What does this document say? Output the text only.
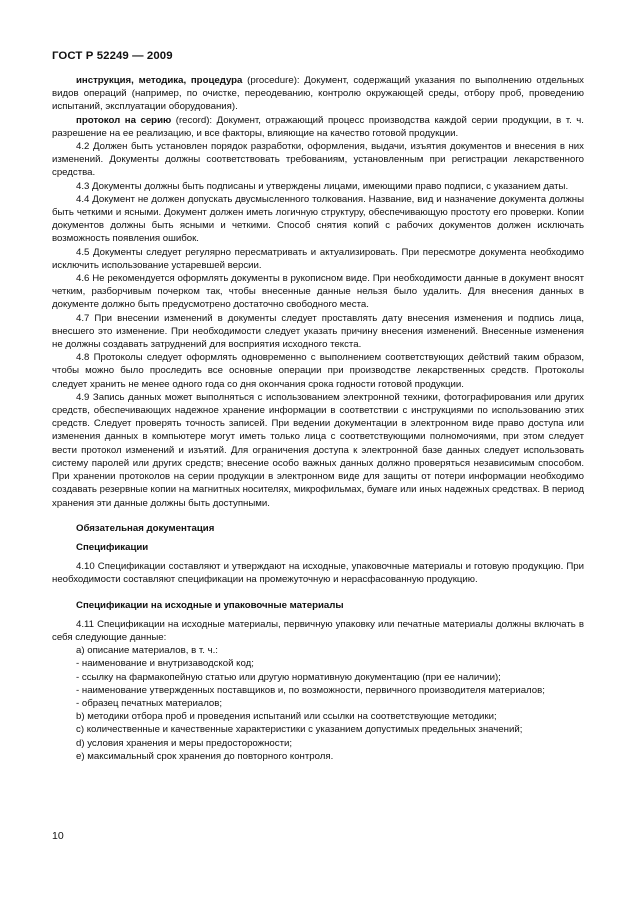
ГОСТ Р 52249 — 2009

инструкция, методика, процедура (procedure): Документ, содержащий указания по выполнению отдельных видов операций (например, по очистке, переодеванию, контролю окружающей среды, отбору проб, проведению испытаний, эксплуатации оборудования).

протокол на серию (record): Документ, отражающий процесс производства каждой серии продукции, в т. ч. разрешение на ее реализацию, и все факторы, влияющие на качество готовой продукции.

4.2 Должен быть установлен порядок разработки, оформления, выдачи, изъятия документов и внесения в них изменений. Документы должны соответствовать требованиям, установленным при регистрации лекарственного средства.

4.3 Документы должны быть подписаны и утверждены лицами, имеющими право подписи, с указанием даты.

4.4 Документ не должен допускать двусмысленного толкования. Название, вид и назначение документа должны быть четкими и ясными. Документ должен иметь логичную структуру, обеспечивающую простоту его проверки. Копии документов должны быть ясными и четкими. Способ снятия копий с рабочих документов должен исключать возможность появления ошибок.

4.5 Документы следует регулярно пересматривать и актуализировать. При пересмотре документа необходимо исключить использование устаревшей версии.

4.6 Не рекомендуется оформлять документы в рукописном виде. При необходимости данные в документ вносят четким, разборчивым почерком так, чтобы внесенные данные нельзя было удалить. Для внесения данных в документе должно быть предусмотрено достаточно свободного места.

4.7 При внесении изменений в документы следует проставлять дату внесения изменения и подпись лица, внесшего это изменение. При необходимости следует указать причину внесения изменений. Внесенные изменения не должны создавать затруднений для восприятия исходного текста.

4.8 Протоколы следует оформлять одновременно с выполнением соответствующих действий таким образом, чтобы можно было проследить все основные операции при производстве лекарственных средств. Протоколы следует хранить не менее одного года со дня окончания срока годности готовой продукции.

4.9 Запись данных может выполняться с использованием электронной техники, фотографирования или других средств, обеспечивающих надежное хранение информации в соответствии с инструкциями по использованию этих средств. Следует проверять точность записей. При ведении документации в электронном виде право доступа или изменения данных в компьютере могут иметь только лица с соответствующими полномочиями, при этом следует вести протокол изменений и изъятий. Для ограничения доступа к электронной базе данных следует использовать систему паролей или других средств; внесение особо важных данных должно проверяться независимым способом. При хранении протоколов на серии продукции в электронном виде для защиты от потери информации необходимо создавать резервные копии на магнитных носителях, микрофильмах, бумаге или иных надежных средствах. В период хранения эти данные должны быть доступными.

Обязательная документация

Спецификации

4.10 Спецификации составляют и утверждают на исходные, упаковочные материалы и готовую продукцию. При необходимости составляют спецификации на промежуточную и нерасфасованную продукцию.

Спецификации на исходные и упаковочные материалы

4.11 Спецификации на исходные материалы, первичную упаковку или печатные материалы должны включать в себя следующие данные:

а) описание материалов, в т. ч.:

- наименование и внутризаводской код;

- ссылку на фармакопейную статью или другую нормативную документацию (при ее наличии);

- наименование утвержденных поставщиков и, по возможности, первичного производителя материалов;

- образец печатных материалов;

b) методики отбора проб и проведения испытаний или ссылки на соответствующие методики;

c) количественные и качественные характеристики с указанием допустимых предельных значений;

d) условия хранения и меры предосторожности;

e) максимальный срок хранения до повторного контроля.

10
